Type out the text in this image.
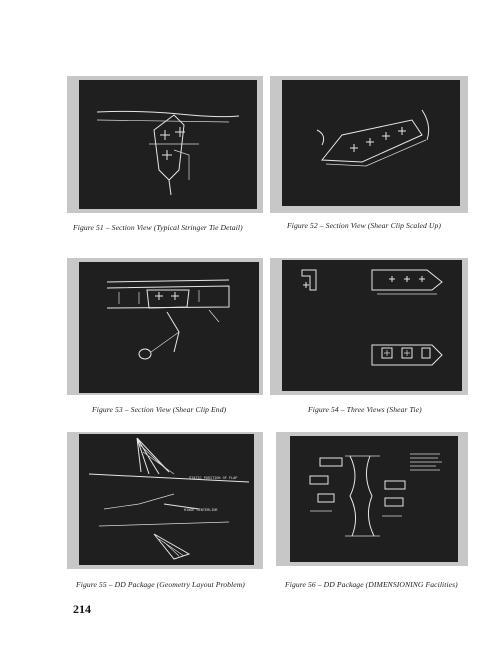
Figure 51 – Section View (Typical Stringer Tie Detail)	Figure 52 – Section View (Shear Clip Scaled Up)
Figure 53 – Section View (Shear Clip End)	Figure 54 – Three Views (Shear Tie)
STATIC POSITION OF FLAP
HINGE CENTERLINE
Figure 55 – DD Package (Geometry Layout Problem)	Figure 56 – DD Package (DIMENSIONING Facilities)
214
